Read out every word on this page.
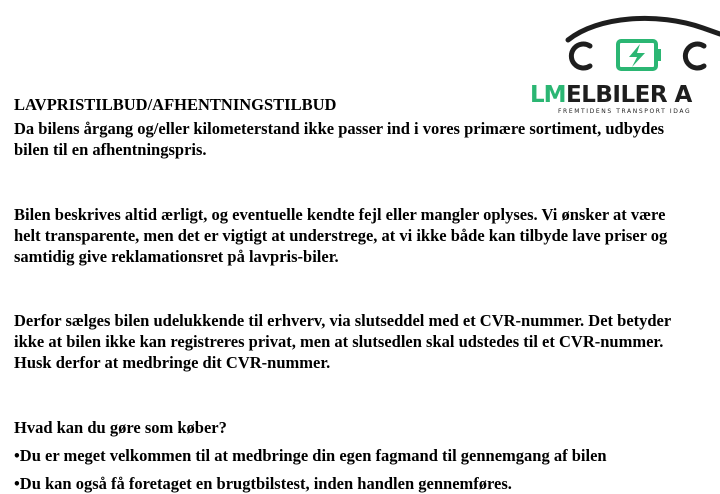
LM ELBILER A
FREMTIDENS TRANSPORT IDAG
LAVPRISTILBUD/AFHENTNINGSTILBUD
Da bilens årgang og/eller kilometerstand ikke passer ind i vores primære sortiment, udbydes
bilen til en afhentningspris.
Bilen beskrives altid ærligt, og eventuelle kendte fejl eller mangler oplyses. Vi ønsker at være
helt transparente, men det er vigtigt at understrege, at vi ikke både kan tilbyde lave priser og
samtidig give reklamationsret på lavpris-biler.
Derfor sælges bilen udelukkende til erhverv, via slutseddel med et CVR-nummer. Det betyder
ikke at bilen ikke kan registreres privat, men at slutsedlen skal udstedes til et CVR-nummer.
Husk derfor at medbringe dit CVR-nummer.
Hvad kan du gøre som køber?
•Du er meget velkommen til at medbringe din egen fagmand til gennemgang af bilen
•Du kan også få foretaget en brugtbilstest, inden handlen gennemføres.
